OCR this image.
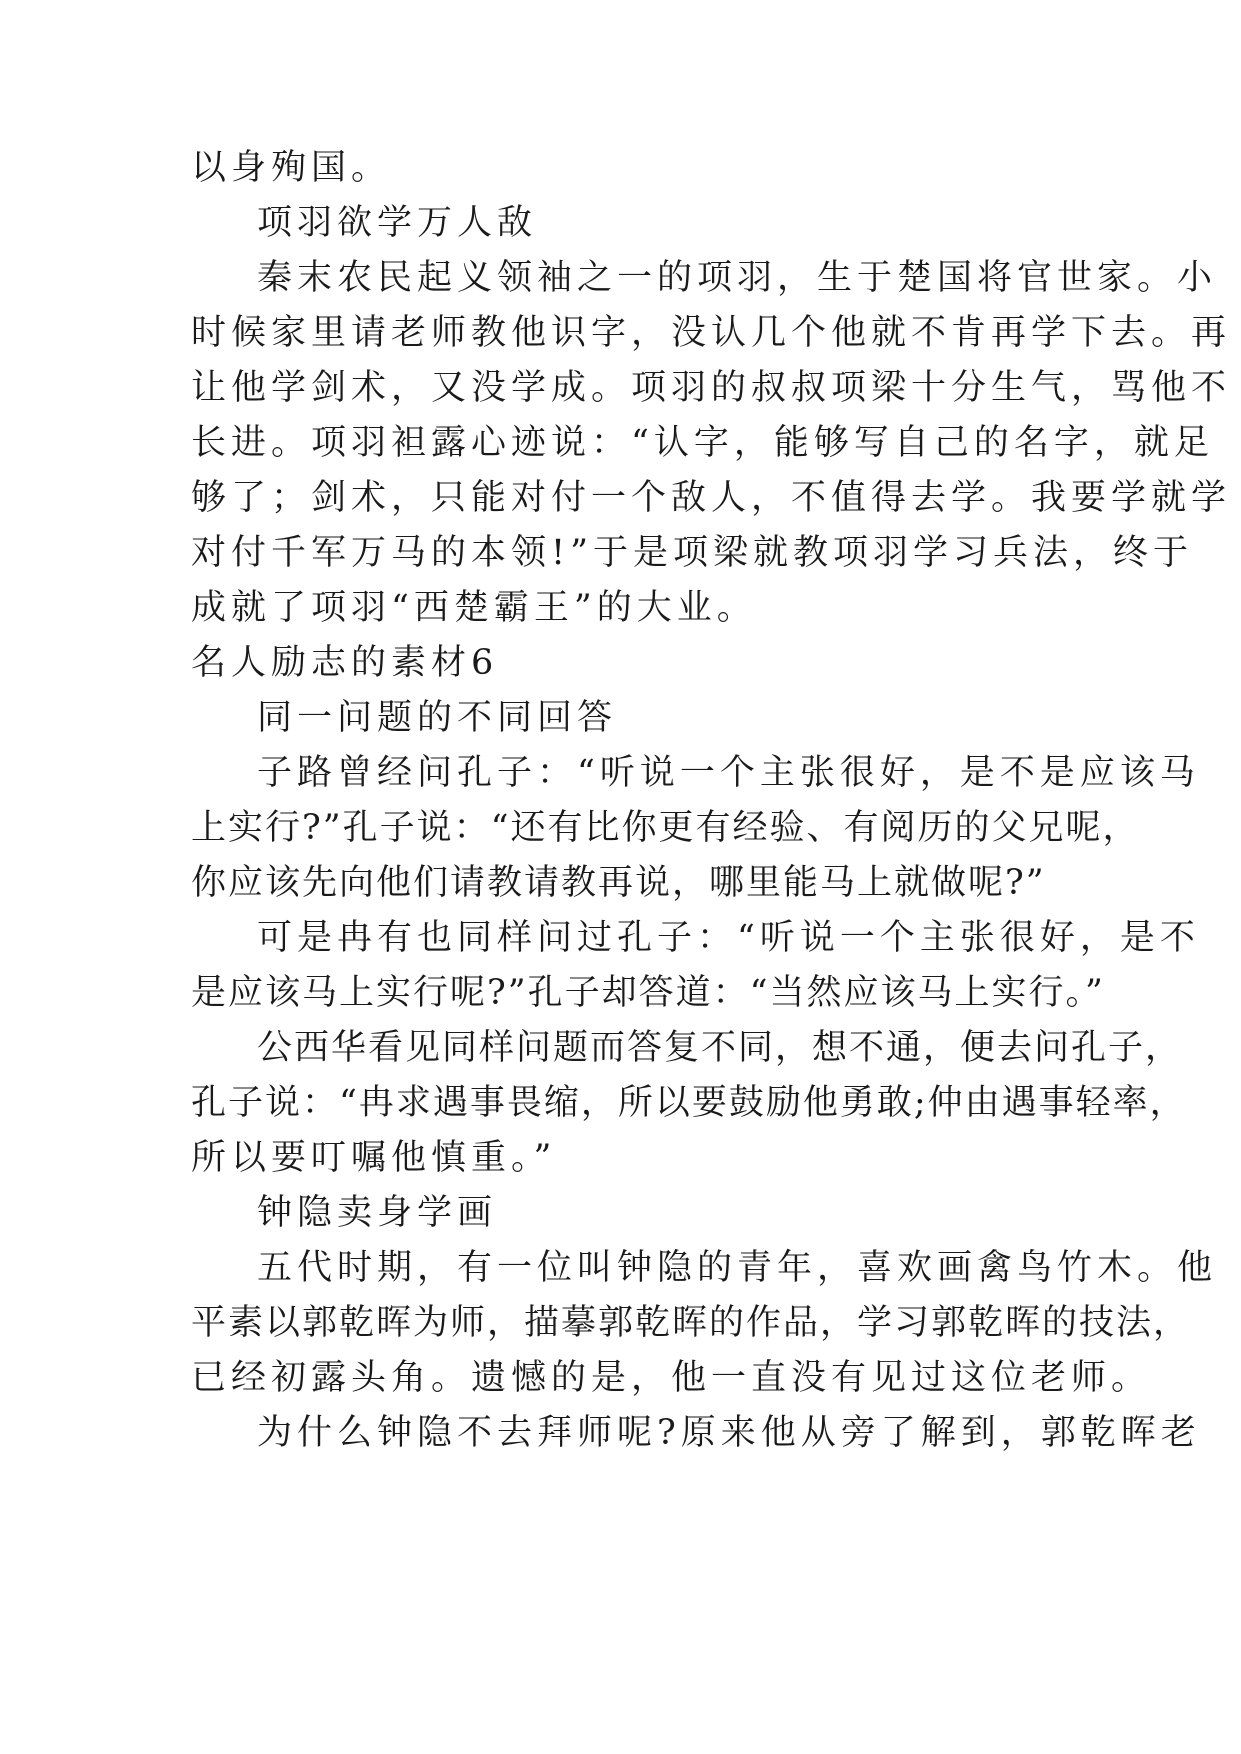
以身殉国。
项羽欲学万人敌
秦末农民起义领袖之一的项羽，生于楚国将官世家。小
时候家里请老师教他识字，没认几个他就不肯再学下去。再
让他学剑术，又没学成。项羽的叔叔项梁十分生气，骂他不
长进。项羽袒露心迹说：“认字，能够写自己的名字，就足
够了；剑术，只能对付一个敌人，不值得去学。我要学就学
对付千军万马的本领!”于是项梁就教项羽学习兵法，终于
成就了项羽“西楚霸王”的大业。
名人励志的素材6
同一问题的不同回答
子路曾经问孔子：“听说一个主张很好，是不是应该马
上实行?”孔子说：“还有比你更有经验、有阅历的父兄呢，
你应该先向他们请教请教再说，哪里能马上就做呢?”
可是冉有也同样问过孔子：“听说一个主张很好，是不
是应该马上实行呢?”孔子却答道：“当然应该马上实行。”
公西华看见同样问题而答复不同，想不通，便去问孔子，
孔子说：“冉求遇事畏缩，所以要鼓励他勇敢;仲由遇事轻率，
所以要叮嘱他慎重。”
钟隐卖身学画
五代时期，有一位叫钟隐的青年，喜欢画禽鸟竹木。他
平素以郭乾晖为师，描摹郭乾晖的作品，学习郭乾晖的技法，
已经初露头角。遗憾的是，他一直没有见过这位老师。
为什么钟隐不去拜师呢?原来他从旁了解到，郭乾晖老
